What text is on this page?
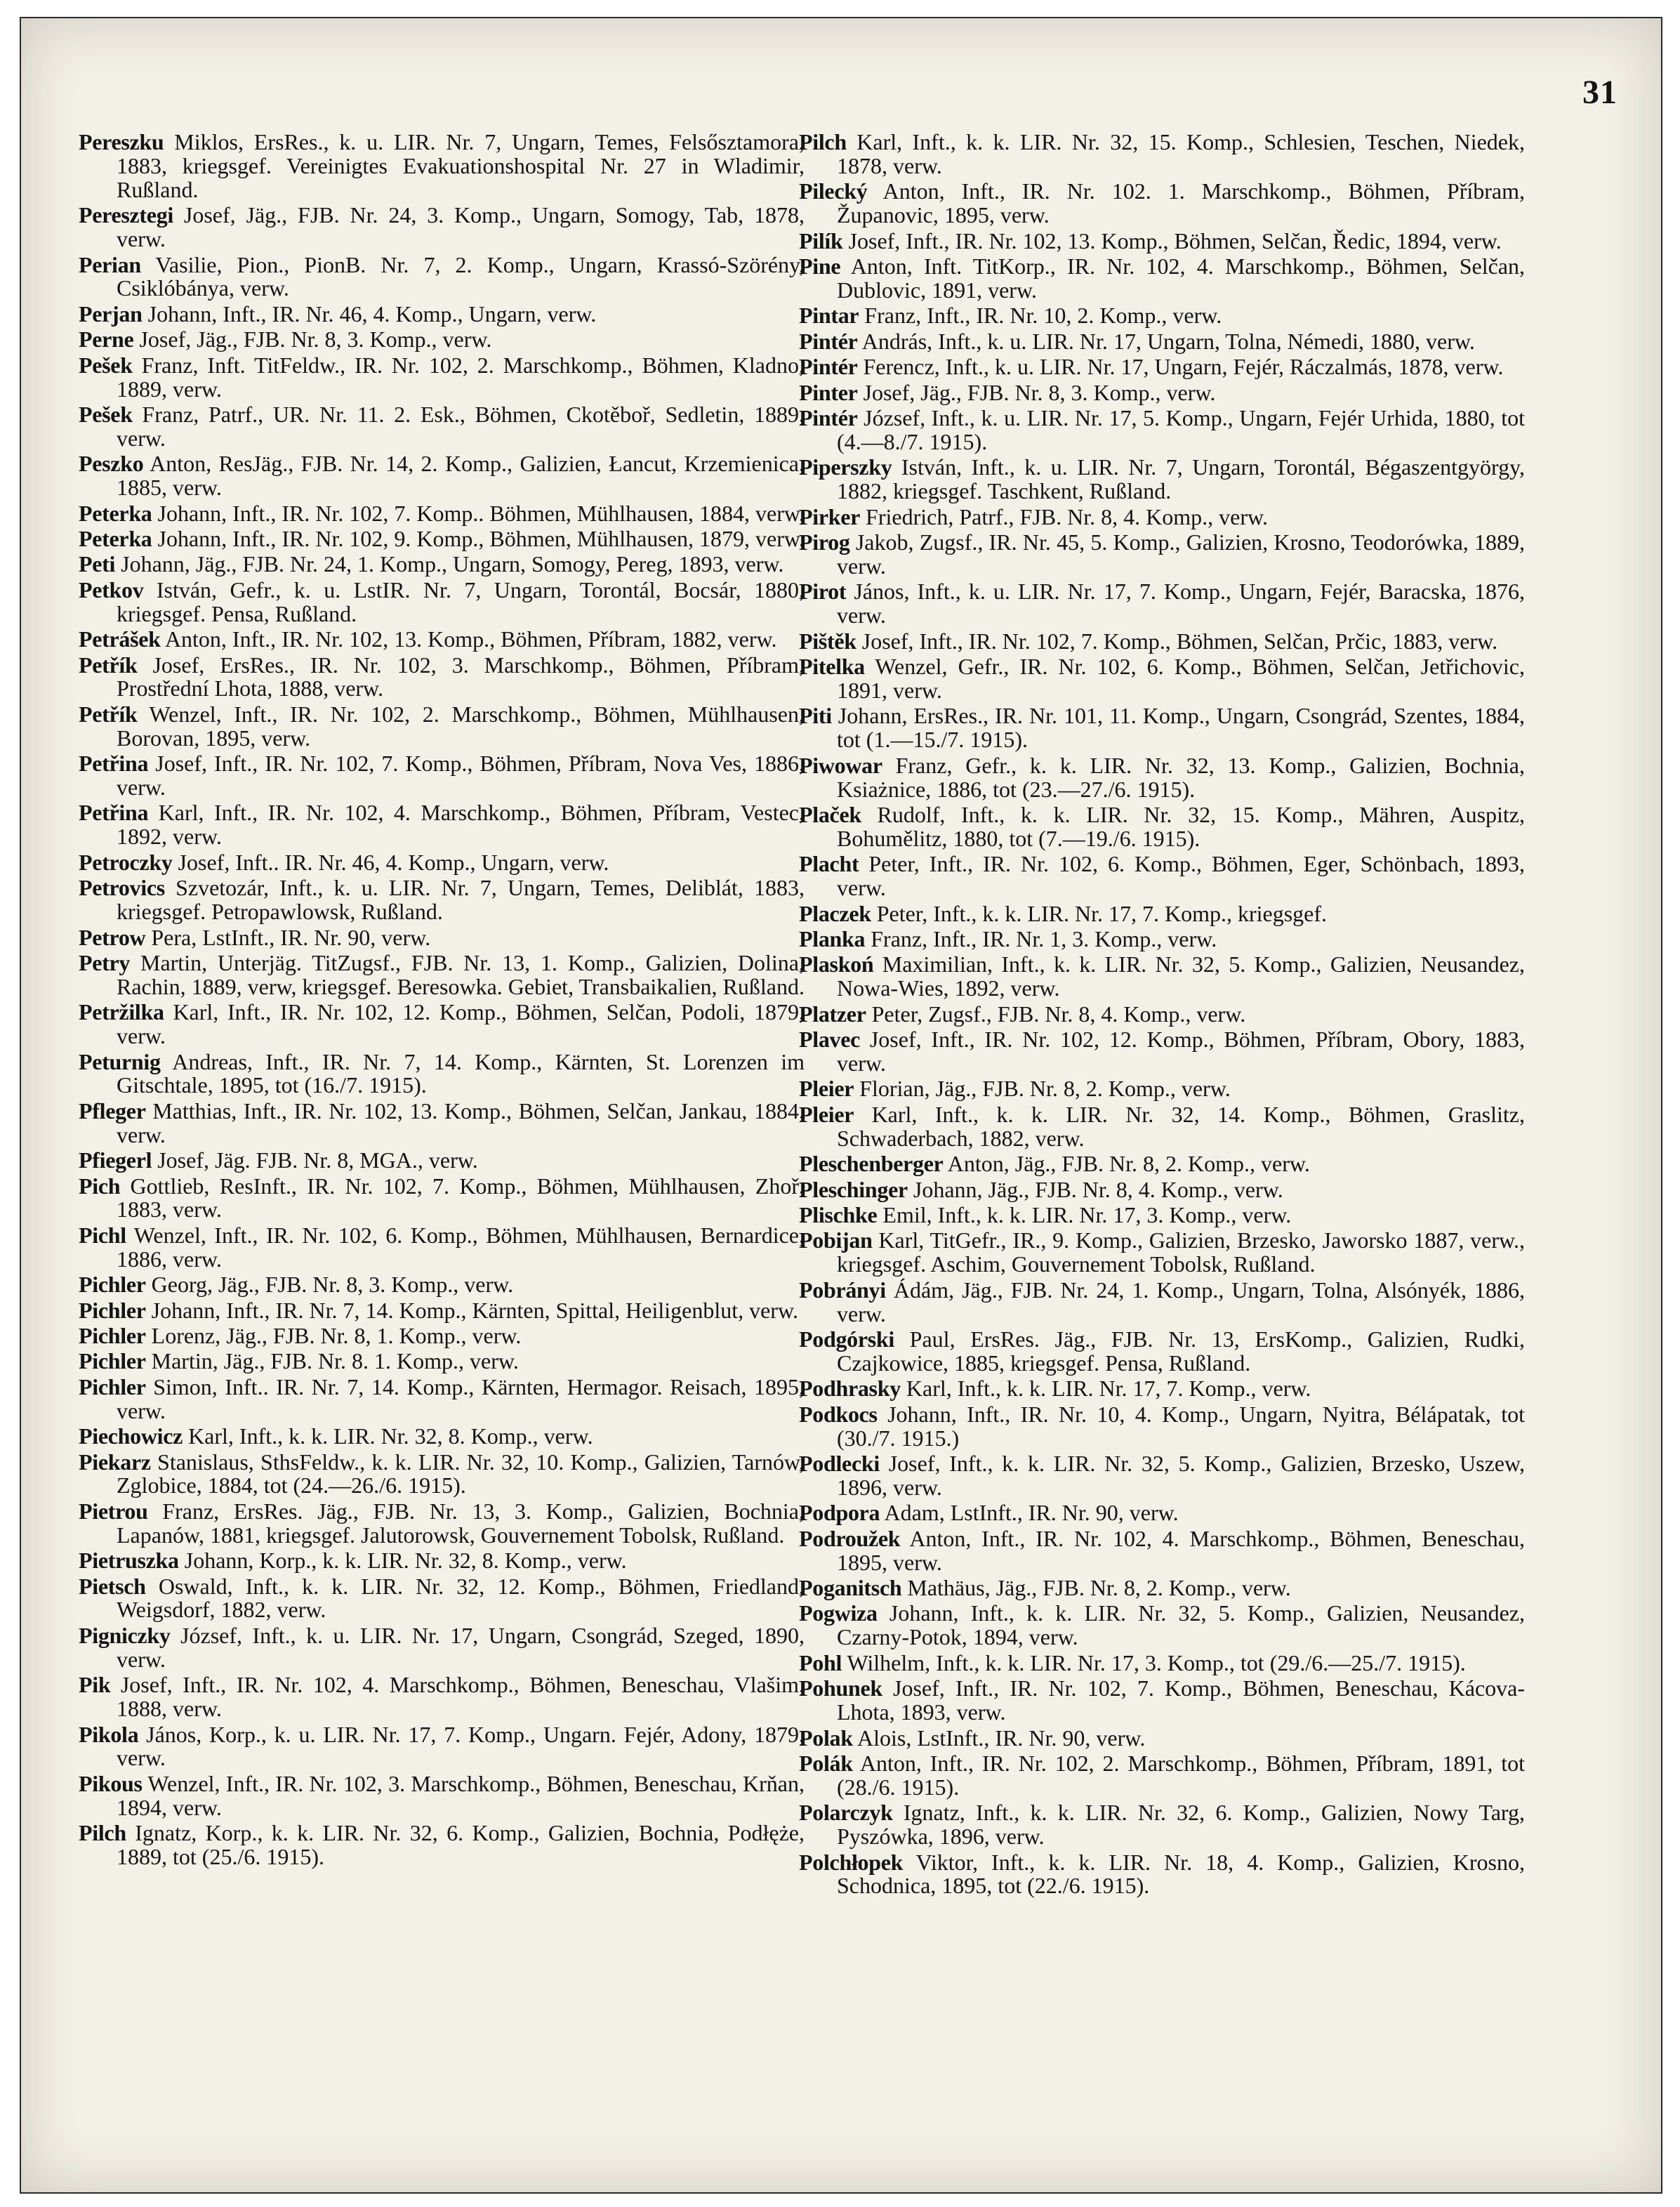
31
Pereszku Miklos, ErsRes., k. u. LIR. Nr. 7, Ungarn, Temes, Felsősztamora, 1883, kriegsgef. Vereinigtes Evakuationshospital Nr. 27 in Wladimir, Rußland.
Peresztegi Josef, Jäg., FJB. Nr. 24, 3. Komp., Ungarn, Somogy, Tab, 1878, verw.
Perian Vasilie, Pion., PionB. Nr. 7, 2. Komp., Ungarn, Krassó-Szörény, Csiklóbánya, verw.
Perjan Johann, Inft., IR. Nr. 46, 4. Komp., Ungarn, verw.
Perne Josef, Jäg., FJB. Nr. 8, 3. Komp., verw.
Pešek Franz, Inft. TitFeldw., IR. Nr. 102, 2. Marschkomp., Böhmen, Kladno, 1889, verw.
Pešek Franz, Patrf., UR. Nr. 11. 2. Esk., Böhmen, Ckotěboř, Sedletin, 1889, verw.
Peszko Anton, ResJäg., FJB. Nr. 14, 2. Komp., Galizien, Łancut, Krzemienica, 1885, verw.
Peterka Johann, Inft., IR. Nr. 102, 7. Komp.. Böhmen, Mühlhausen, 1884, verw.
Peterka Johann, Inft., IR. Nr. 102, 9. Komp., Böhmen, Mühlhausen, 1879, verw.
Peti Johann, Jäg., FJB. Nr. 24, 1. Komp., Ungarn, Somogy, Pereg, 1893, verw.
Petkov István, Gefr., k. u. LstIR. Nr. 7, Ungarn, Torontál, Bocsár, 1880, kriegsgef. Pensa, Rußland.
Petrášek Anton, Inft., IR. Nr. 102, 13. Komp., Böhmen, Příbram, 1882, verw.
Petřík Josef, ErsRes., IR. Nr. 102, 3. Marschkomp., Böhmen, Příbram, Prostřední Lhota, 1888, verw.
Petřík Wenzel, Inft., IR. Nr. 102, 2. Marschkomp., Böhmen, Mühlhausen, Borovan, 1895, verw.
Petřina Josef, Inft., IR. Nr. 102, 7. Komp., Böhmen, Příbram, Nova Ves, 1886, verw.
Petřina Karl, Inft., IR. Nr. 102, 4. Marschkomp., Böhmen, Příbram, Vestec, 1892, verw.
Petroczky Josef, Inft.. IR. Nr. 46, 4. Komp., Ungarn, verw.
Petrovics Szvetozár, Inft., k. u. LIR. Nr. 7, Ungarn, Temes, Deliblát, 1883, kriegsgef. Petropawlowsk, Rußland.
Petrow Pera, LstInft., IR. Nr. 90, verw.
Petry Martin, Unterjäg. TitZugsf., FJB. Nr. 13, 1. Komp., Galizien, Dolina, Rachin, 1889, verw, kriegsgef. Beresowka. Gebiet, Transbaikalien, Rußland.
Petržilka Karl, Inft., IR. Nr. 102, 12. Komp., Böhmen, Selčan, Podoli, 1879, verw.
Peturnig Andreas, Inft., IR. Nr. 7, 14. Komp., Kärnten, St. Lorenzen im Gitschtale, 1895, tot (16./7. 1915).
Pfleger Matthias, Inft., IR. Nr. 102, 13. Komp., Böhmen, Selčan, Jankau, 1884, verw.
Pfiegerl Josef, Jäg. FJB. Nr. 8, MGA., verw.
Pich Gottlieb, ResInft., IR. Nr. 102, 7. Komp., Böhmen, Mühlhausen, Zhoř, 1883, verw.
Pichl Wenzel, Inft., IR. Nr. 102, 6. Komp., Böhmen, Mühlhausen, Bernardice, 1886, verw.
Pichler Georg, Jäg., FJB. Nr. 8, 3. Komp., verw.
Pichler Johann, Inft., IR. Nr. 7, 14. Komp., Kärnten, Spittal, Heiligenblut, verw.
Pichler Lorenz, Jäg., FJB. Nr. 8, 1. Komp., verw.
Pichler Martin, Jäg., FJB. Nr. 8. 1. Komp., verw.
Pichler Simon, Inft.. IR. Nr. 7, 14. Komp., Kärnten, Hermagor. Reisach, 1895, verw.
Piechowicz Karl, Inft., k. k. LIR. Nr. 32, 8. Komp., verw.
Piekarz Stanislaus, SthsFeldw., k. k. LIR. Nr. 32, 10. Komp., Galizien, Tarnów, Zglobice, 1884, tot (24.—26./6. 1915).
Pietrou Franz, ErsRes. Jäg., FJB. Nr. 13, 3. Komp., Galizien, Bochnia, Lapanów, 1881, kriegsgef. Jalutorowsk, Gouvernement Tobolsk, Rußland.
Pietruszka Johann, Korp., k. k. LIR. Nr. 32, 8. Komp., verw.
Pietsch Oswald, Inft., k. k. LIR. Nr. 32, 12. Komp., Böhmen, Friedland, Weigsdorf, 1882, verw.
Pigniczky József, Inft., k. u. LIR. Nr. 17, Ungarn, Csongrád, Szeged, 1890, verw.
Pik Josef, Inft., IR. Nr. 102, 4. Marschkomp., Böhmen, Beneschau, Vlašim, 1888, verw.
Pikola János, Korp., k. u. LIR. Nr. 17, 7. Komp., Ungarn. Fejér, Adony, 1879, verw.
Pikous Wenzel, Inft., IR. Nr. 102, 3. Marschkomp., Böhmen, Beneschau, Krňan, 1894, verw.
Pilch Ignatz, Korp., k. k. LIR. Nr. 32, 6. Komp., Galizien, Bochnia, Podłęże, 1889, tot (25./6. 1915).
Pilch Karl, Inft., k. k. LIR. Nr. 32, 15. Komp., Schlesien, Teschen, Niedek, 1878, verw.
Pilecký Anton, Inft., IR. Nr. 102. 1. Marschkomp., Böhmen, Příbram, Županovic, 1895, verw.
Pilík Josef, Inft., IR. Nr. 102, 13. Komp., Böhmen, Selčan, Ředic, 1894, verw.
Pine Anton, Inft. TitKorp., IR. Nr. 102, 4. Marschkomp., Böhmen, Selčan, Dublovic, 1891, verw.
Pintar Franz, Inft., IR. Nr. 10, 2. Komp., verw.
Pintér András, Inft., k. u. LIR. Nr. 17, Ungarn, Tolna, Némedi, 1880, verw.
Pintér Ferencz, Inft., k. u. LIR. Nr. 17, Ungarn, Fejér, Ráczalmás, 1878, verw.
Pinter Josef, Jäg., FJB. Nr. 8, 3. Komp., verw.
Pintér József, Inft., k. u. LIR. Nr. 17, 5. Komp., Ungarn, Fejér Urhida, 1880, tot (4.—8./7. 1915).
Piperszky István, Inft., k. u. LIR. Nr. 7, Ungarn, Torontál, Bégaszentgyörgy, 1882, kriegsgef. Taschkent, Rußland.
Pirker Friedrich, Patrf., FJB. Nr. 8, 4. Komp., verw.
Pirog Jakob, Zugsf., IR. Nr. 45, 5. Komp., Galizien, Krosno, Teodorówka, 1889, verw.
Pirot János, Inft., k. u. LIR. Nr. 17, 7. Komp., Ungarn, Fejér, Baracska, 1876, verw.
Pištěk Josef, Inft., IR. Nr. 102, 7. Komp., Böhmen, Selčan, Prčic, 1883, verw.
Pitelka Wenzel, Gefr., IR. Nr. 102, 6. Komp., Böhmen, Selčan, Jetřichovic, 1891, verw.
Piti Johann, ErsRes., IR. Nr. 101, 11. Komp., Ungarn, Csongrád, Szentes, 1884, tot (1.—15./7. 1915).
Piwowar Franz, Gefr., k. k. LIR. Nr. 32, 13. Komp., Galizien, Bochnia, Ksiażnice, 1886, tot (23.—27./6. 1915).
Plaček Rudolf, Inft., k. k. LIR. Nr. 32, 15. Komp., Mähren, Auspitz, Bohumělitz, 1880, tot (7.—19./6. 1915).
Placht Peter, Inft., IR. Nr. 102, 6. Komp., Böhmen, Eger, Schönbach, 1893, verw.
Placzek Peter, Inft., k. k. LIR. Nr. 17, 7. Komp., kriegsgef.
Planka Franz, Inft., IR. Nr. 1, 3. Komp., verw.
Plaskoń Maximilian, Inft., k. k. LIR. Nr. 32, 5. Komp., Galizien, Neusandez, Nowa-Wies, 1892, verw.
Platzer Peter, Zugsf., FJB. Nr. 8, 4. Komp., verw.
Plavec Josef, Inft., IR. Nr. 102, 12. Komp., Böhmen, Příbram, Obory, 1883, verw.
Pleier Florian, Jäg., FJB. Nr. 8, 2. Komp., verw.
Pleier Karl, Inft., k. k. LIR. Nr. 32, 14. Komp., Böhmen, Graslitz, Schwaderbach, 1882, verw.
Pleschenberger Anton, Jäg., FJB. Nr. 8, 2. Komp., verw.
Pleschinger Johann, Jäg., FJB. Nr. 8, 4. Komp., verw.
Plischke Emil, Inft., k. k. LIR. Nr. 17, 3. Komp., verw.
Pobijan Karl, TitGefr., IR., 9. Komp., Galizien, Brzesko, Jaworsko 1887, verw., kriegsgef. Aschim, Gouvernement Tobolsk, Rußland.
Pobrányi Ádám, Jäg., FJB. Nr. 24, 1. Komp., Ungarn, Tolna, Alsónyék, 1886, verw.
Podgórski Paul, ErsRes. Jäg., FJB. Nr. 13, ErsKomp., Galizien, Rudki, Czajkowice, 1885, kriegsgef. Pensa, Rußland.
Podhrasky Karl, Inft., k. k. LIR. Nr. 17, 7. Komp., verw.
Podkocs Johann, Inft., IR. Nr. 10, 4. Komp., Ungarn, Nyitra, Bélápatak, tot (30./7. 1915.)
Podlecki Josef, Inft., k. k. LIR. Nr. 32, 5. Komp., Galizien, Brzesko, Uszew, 1896, verw.
Podpora Adam, LstInft., IR. Nr. 90, verw.
Podroužek Anton, Inft., IR. Nr. 102, 4. Marschkomp., Böhmen, Beneschau, 1895, verw.
Poganitsch Mathäus, Jäg., FJB. Nr. 8, 2. Komp., verw.
Pogwiza Johann, Inft., k. k. LIR. Nr. 32, 5. Komp., Galizien, Neusandez, Czarny-Potok, 1894, verw.
Pohl Wilhelm, Inft., k. k. LIR. Nr. 17, 3. Komp., tot (29./6.—25./7. 1915).
Pohunek Josef, Inft., IR. Nr. 102, 7. Komp., Böhmen, Beneschau, Kácova-Lhota, 1893, verw.
Polak Alois, LstInft., IR. Nr. 90, verw.
Polák Anton, Inft., IR. Nr. 102, 2. Marschkomp., Böhmen, Příbram, 1891, tot (28./6. 1915).
Polarczyk Ignatz, Inft., k. k. LIR. Nr. 32, 6. Komp., Galizien, Nowy Targ, Pyszówka, 1896, verw.
Polchłopek Viktor, Inft., k. k. LIR. Nr. 18, 4. Komp., Galizien, Krosno, Schodnica, 1895, tot (22./6. 1915).
